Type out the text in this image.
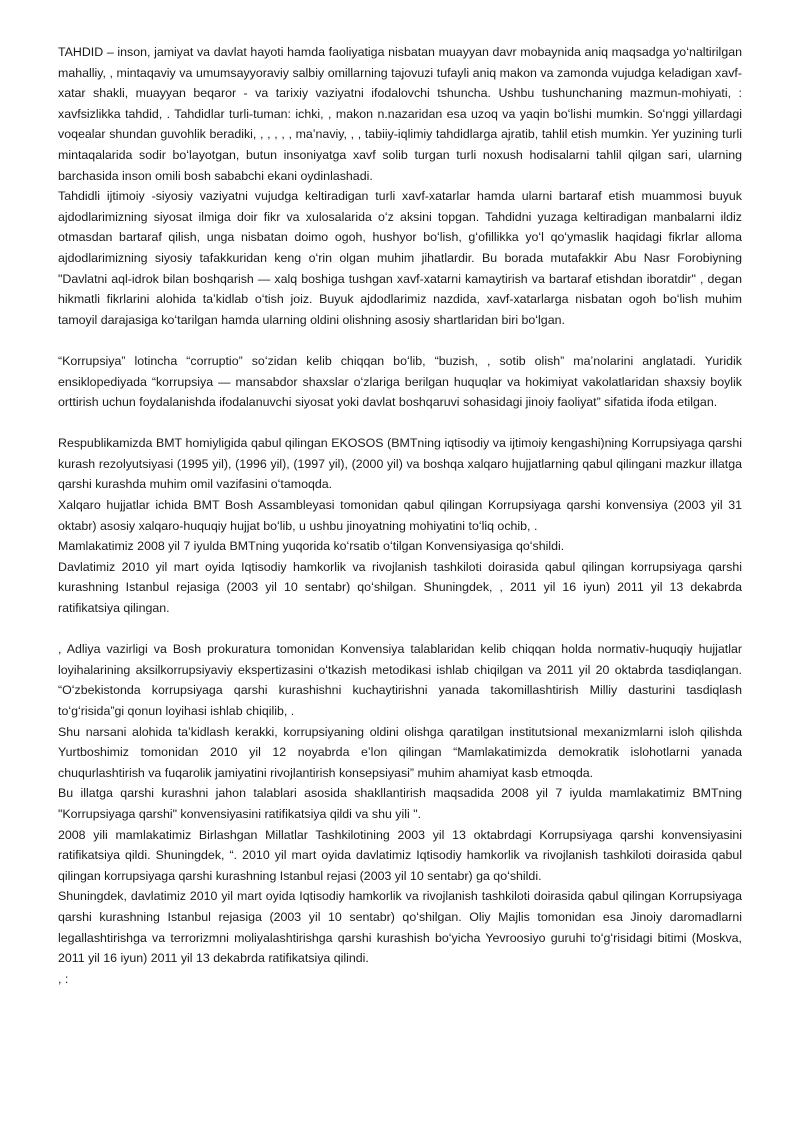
TAHDID – inson, jamiyat va davlat hayoti hamda faoliyatiga nisbatan muayyan davr mobaynida aniq maqsadga yoʻnaltirilgan mahalliy, , mintaqaviy va umumsayyoraviy salbiy omillarning tajovuzi tufayli aniq makon va zamonda vujudga keladigan xavf-xatar shakli, muayyan beqaror - va tarixiy vaziyatni ifodalovchi tshuncha. Ushbu tushunchaning mazmun-mohiyati, : xavfsizlikka tahdid, . Tahdidlar turli-tuman: ichki, , makon n.nazaridan esa uzoq va yaqin boʻlishi mumkin. Soʻnggi yillardagi voqealar shundan guvohlik beradiki, , , , , , maʼnaviy, , , tabiiy-iqlimiy tahdidlarga ajratib, tahlil etish mumkin. Yer yuzining turli mintaqalarida sodir boʻlayotgan, butun insoniyatga xavf solib turgan turli noxush hodisalarni tahlil qilgan sari, ularning barchasida inson omili bosh sababchi ekani oydinlashadi.

Tahdidli ijtimoiy -siyosiy vaziyatni vujudga keltiradigan turli xavf-xatarlar hamda ularni bartaraf etish muammosi buyuk ajdodlarimizning siyosat ilmiga doir fikr va xulosalarida oʻz aksini topgan. Tahdidni yuzaga keltiradigan manbalarni ildiz otmasdan bartaraf qilish, unga nisbatan doimo ogoh, hushyor boʻlish, gʻofillikka yoʻl qoʻymaslik haqidagi fikrlar alloma ajdodlarimizning siyosiy tafakkuridan keng oʻrin olgan muhim jihatlardir. Bu borada mutafakkir Abu Nasr Forobiyning "Davlatni aql-idrok bilan boshqarish — xalq boshiga tushgan xavf-xatarni kamaytirish va bartaraf etishdan iboratdir" , degan hikmatli fikrlarini alohida taʼkidlab oʻtish joiz. Buyuk ajdodlarimiz nazdida, xavf-xatarlarga nisbatan ogoh boʻlish muhim tamoyil darajasiga koʻtarilgan hamda ularning oldini olishning asosiy shartlaridan biri boʻlgan.

“Korrupsiya” lotincha “corruptio” soʻzidan kelib chiqqan boʻlib, “buzish, , sotib olish” maʼnolarini anglatadi. Yuridik ensiklopediyada “korrupsiya — mansabdor shaxslar oʻzlariga berilgan huquqlar va hokimiyat vakolatlaridan shaxsiy boylik orttirish uchun foydalanishda ifodalanuvchi siyosat yoki davlat boshqaruvi sohasidagi jinoiy faoliyat” sifatida ifoda etilgan.

Respublikamizda BMT homiyligida qabul qilingan EKOSOS (BMTning iqtisodiy va ijtimoiy kengashi)ning Korrupsiyaga qarshi kurash rezolyutsiyasi (1995 yil), (1996 yil), (1997 yil), (2000 yil) va boshqa xalqaro hujjatlarning qabul qilingani mazkur illatga qarshi kurashda muhim omil vazifasini oʻtamoqda.

Xalqaro hujjatlar ichida BMT Bosh Assambleyasi tomonidan qabul qilingan Korrupsiyaga qarshi konvensiya (2003 yil 31 oktabr) asosiy xalqaro-huquqiy hujjat boʻlib, u ushbu jinoyatning mohiyatini toʻliq ochib, .

Mamlakatimiz 2008 yil 7 iyulda BMTning yuqorida koʻrsatib oʻtilgan Konvensiyasiga qoʻshildi.

Davlatimiz 2010 yil mart oyida Iqtisodiy hamkorlik va rivojlanish tashkiloti doirasida qabul qilingan korrupsiyaga qarshi kurashning Istanbul rejasiga (2003 yil 10 sentabr) qoʻshilgan. Shuningdek, , 2011 yil 16 iyun) 2011 yil 13 dekabrda ratifikatsiya qilingan.

, Adliya vazirligi va Bosh prokuratura tomonidan Konvensiya talablaridan kelib chiqqan holda normativ-huquqiy hujjatlar loyihalarining aksilkorrupsiyaviy ekspertizasini oʻtkazish metodikasi ishlab chiqilgan va 2011 yil 20 oktabrda tasdiqlangan. “Oʻzbekistonda korrupsiyaga qarshi kurashishni kuchaytirishni yanada takomillashtirish Milliy dasturini tasdiqlash toʻgʻrisida”gi qonun loyihasi ishlab chiqilib, .

Shu narsani alohida taʼkidlash kerakki, korrupsiyaning oldini olishga qaratilgan institutsional mexanizmlarni isloh qilishda Yurtboshimiz tomonidan 2010 yil 12 noyabrda eʼlon qilingan “Mamlakatimizda demokratik islohotlarni yanada chuqurlashtirish va fuqarolik jamiyatini rivojlantirish konsepsiyasi” muhim ahamiyat kasb etmoqda.

Bu illatga qarshi kurashni jahon talablari asosida shakllantirish maqsadida 2008 yil 7 iyulda mamlakatimiz BMTning "Korrupsiyaga qarshi" konvensiyasini ratifikatsiya qildi va shu yili ".

2008 yili mamlakatimiz Birlashgan Millatlar Tashkilotining 2003 yil 13 oktabrdagi Korrupsiyaga qarshi konvensiyasini ratifikatsiya qildi. Shuningdek, “. 2010 yil mart oyida davlatimiz Iqtisodiy hamkorlik va rivojlanish tashkiloti doirasida qabul qilingan korrupsiyaga qarshi kurashning Istanbul rejasi (2003 yil 10 sentabr) ga qoʻshildi.

Shuningdek, davlatimiz 2010 yil mart oyida Iqtisodiy hamkorlik va rivojlanish tashkiloti doirasida qabul qilingan Korrupsiyaga qarshi kurashning Istanbul rejasiga (2003 yil 10 sentabr) qoʻshilgan. Oliy Majlis tomonidan esa Jinoiy daromadlarni legallashtirishga va terrorizmni moliyalashtirishga qarshi kurashish boʻyicha Yevroosiyo guruhi toʻgʻrisidagi bitimi (Moskva, 2011 yil 16 iyun) 2011 yil 13 dekabrda ratifikatsiya qilindi.

, :
